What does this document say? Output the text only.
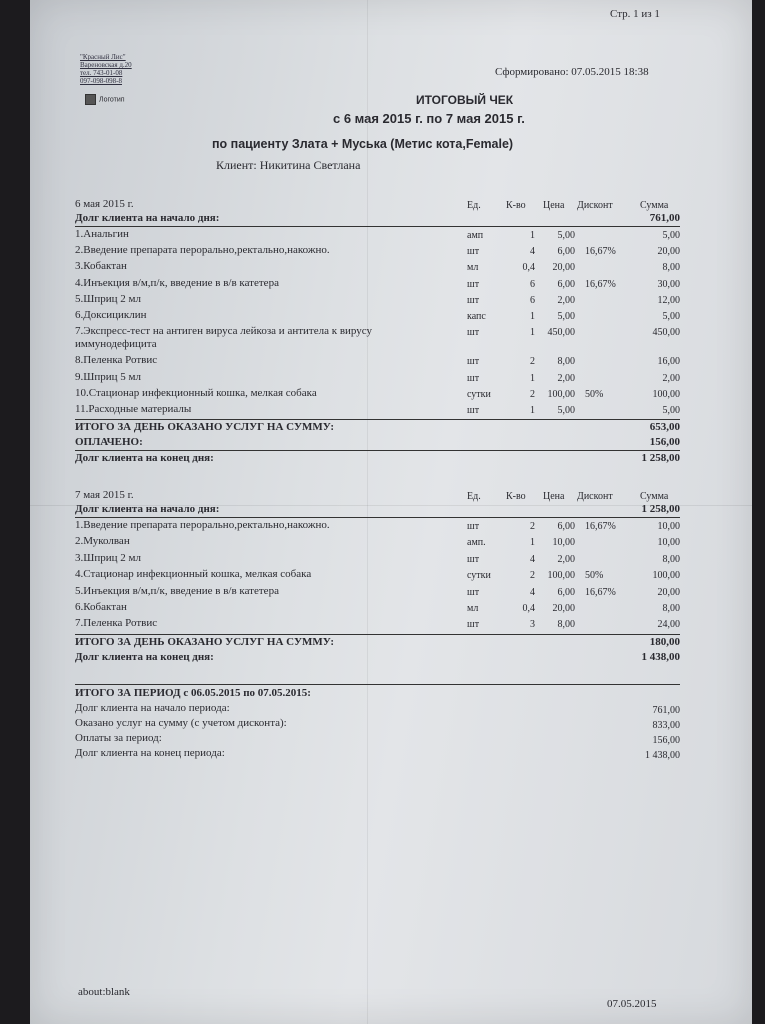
Стр. 1 из 1
"Красный Лис"
Вареновская д.20
тел. 743-01-08
097-098-098-8
Логотип
Сформировано: 07.05.2015 18:38
ИТОГОВЫЙ ЧЕК
с 6 мая 2015 г. по 7 мая 2015 г.
по пациенту Злата + Муська (Метис кота,Female)
Клиент: Никитина Светлана
6 мая 2015 г.	Ед.	К-во Цена Дисконт	Сумма
Долг клиента на начало дня:	761,00
1.Анальгин	амп	1 5,00	5,00
2.Введение препарата перорально,ректально,накожно.	шт	4 6,00 16,67%	20,00
3.Кобактан	мл	0,4 20,00	8,00
4.Инъекция в/м,п/к, введение в в/в катетера	шт	6 6,00 16,67%	30,00
5.Шприц 2 мл	шт	6 2,00	12,00
6.Доксициклин	капс	1 5,00	5,00
7.Экспресс-тест на антиген вируса лейкоза и антитела к вирусу	шт	1 450,00	450,00
иммунодефицита
8.Пеленка Ротвис	шт	2 8,00	16,00
9.Шприц 5 мл	шт	1 2,00	2,00
10.Стационар инфекционный кошка, мелкая собака	сутки	2 100,00 50%	100,00
11.Расходные материалы	шт	1 5,00	5,00
ИТОГО ЗА ДЕНЬ ОКАЗАНО УСЛУГ НА СУММУ:	653,00
ОПЛАЧЕНО:	156,00
Долг клиента на конец дня:	1 258,00
7 мая 2015 г.	Ед.	К-во Цена Дисконт	Сумма
Долг клиента на начало дня:	1 258,00
1.Введение препарата перорально,ректально,накожно.	шт	2 6,00 16,67%	10,00
2.Муколван	амп.	1 10,00	10,00
3.Шприц 2 мл	шт	4 2,00	8,00
4.Стационар инфекционный кошка, мелкая собака	сутки	2 100,00 50%	100,00
5.Инъекция в/м,п/к, введение в в/в катетера	шт	4 6,00 16,67%	20,00
6.Кобактан	мл	0,4 20,00	8,00
7.Пеленка Ротвис	шт	3 8,00	24,00
ИТОГО ЗА ДЕНЬ ОКАЗАНО УСЛУГ НА СУММУ:	180,00
Долг клиента на конец дня:	1 438,00
ИТОГО ЗА ПЕРИОД с 06.05.2015 по 07.05.2015:
Долг клиента на начало периода:	761,00
Оказано услуг на сумму (с учетом дисконта):	833,00
Оплаты за период:	156,00
Долг клиента на конец периода:	1 438,00
about:blank
07.05.2015
